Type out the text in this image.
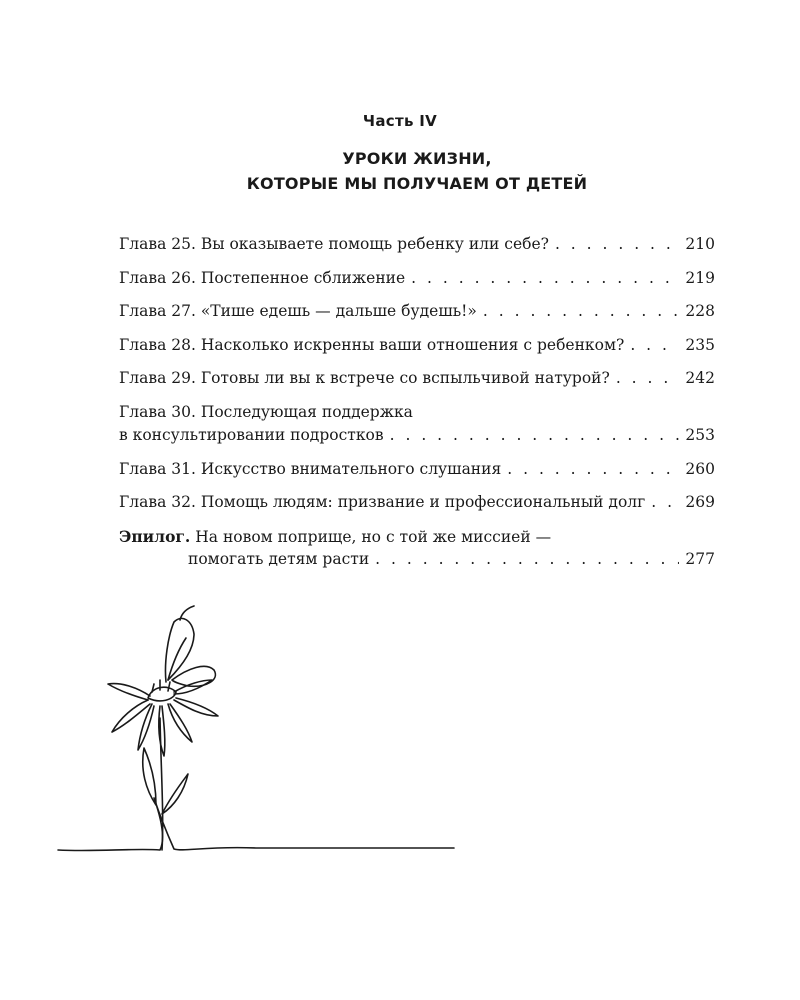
Часть IV
УРОКИ ЖИЗНИ,
КОТОРЫЕ МЫ ПОЛУЧАЕМ ОТ ДЕТЕЙ
Глава 25. Вы оказываете помощь ребенку или себе? . . .	210
Глава 26. Постепенное сближение . . .	219
Глава 27. «Тише едешь — дальше будешь!» . . .	228
Глава 28. Насколько искренны ваши отношения с ребенком? . . .	235
Глава 29. Готовы ли вы к встрече со вспыльчивой натурой? . . .	242
Глава 30. Последующая поддержка
в консультировании подростков . . .	253
Глава 31. Искусство внимательного слушания . . .	260
Глава 32. Помощь людям: призвание и профессиональный долг . . .	269
Эпилог. На новом поприще, но с той же миссией —
помогать детям расти . . .	277
